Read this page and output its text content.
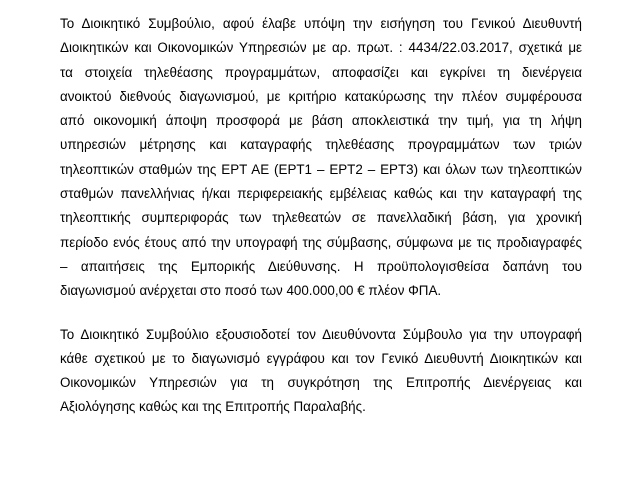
Το Διοικητικό Συμβούλιο, αφού έλαβε υπόψη την εισήγηση του Γενικού Διευθυντή
Διοικητικών και Οικονομικών Υπηρεσιών με αρ. πρωτ. : 4434/22.03.2017, σχετικά με
τα στοιχεία τηλεθέασης προγραμμάτων, αποφασίζει και εγκρίνει τη διενέργεια
ανοικτού διεθνούς διαγωνισμού, με κριτήριο κατακύρωσης την πλέον συμφέρουσα
από οικονομική άποψη προσφορά με βάση αποκλειστικά την τιμή, για τη λήψη
υπηρεσιών μέτρησης και καταγραφής τηλεθέασης προγραμμάτων των τριών
τηλεοπτικών σταθμών της ΕΡΤ ΑΕ (ΕΡΤ1 – ΕΡΤ2 – ΕΡΤ3) και όλων των τηλεοπτικών
σταθμών πανελλήνιας ή/και περιφερειακής εμβέλειας καθώς και την καταγραφή της
τηλεοπτικής συμπεριφοράς των τηλεθεατών σε πανελλαδική βάση, για χρονική
περίοδο ενός έτους από την υπογραφή της σύμβασης, σύμφωνα με τις προδιαγραφές
– απαιτήσεις της Εμπορικής Διεύθυνσης. Η προϋπολογισθείσα δαπάνη του
διαγωνισμού ανέρχεται στο ποσό των 400.000,00 € πλέον ΦΠΑ.
Το Διοικητικό Συμβούλιο εξουσιοδοτεί τον Διευθύνοντα Σύμβουλο για την υπογραφή
κάθε σχετικού με το διαγωνισμό εγγράφου και τον Γενικό Διευθυντή Διοικητικών και
Οικονομικών Υπηρεσιών για τη συγκρότηση της Επιτροπής Διενέργειας και
Αξιολόγησης καθώς και της Επιτροπής Παραλαβής.
